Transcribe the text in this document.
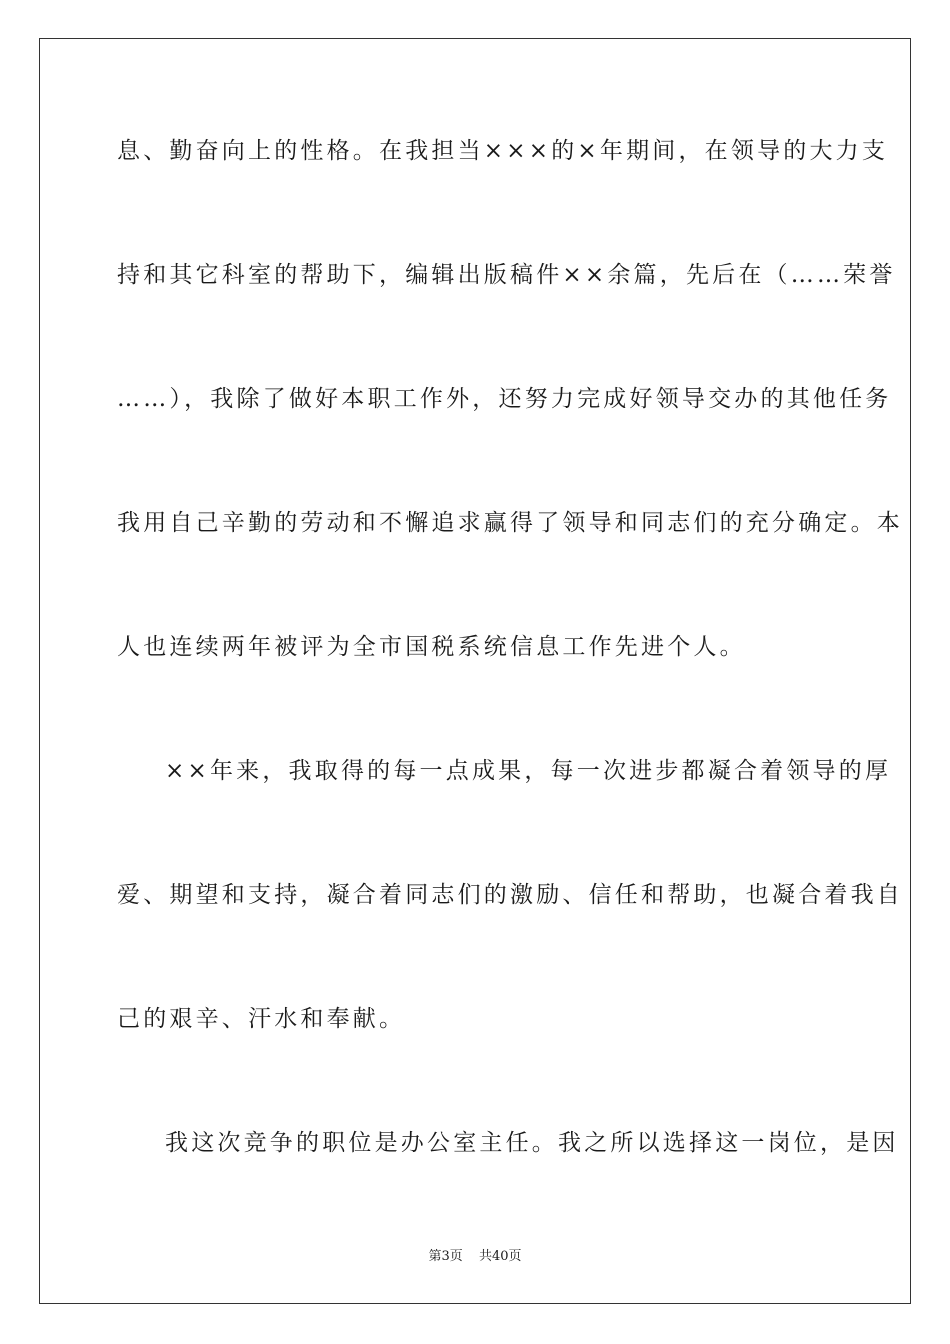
息、勤奋向上的性格。在我担当×××的×年期间，在领导的大力支
持和其它科室的帮助下，编辑出版稿件××余篇，先后在（……荣誉
……），我除了做好本职工作外，还努力完成好领导交办的其他任务
我用自己辛勤的劳动和不懈追求赢得了领导和同志们的充分确定。本
人也连续两年被评为全市国税系统信息工作先进个人。
××年来，我取得的每一点成果，每一次进步都凝合着领导的厚
爱、期望和支持，凝合着同志们的激励、信任和帮助，也凝合着我自
己的艰辛、汗水和奉献。
我这次竞争的职位是办公室主任。我之所以选择这一岗位，是因
第3页 共40页
